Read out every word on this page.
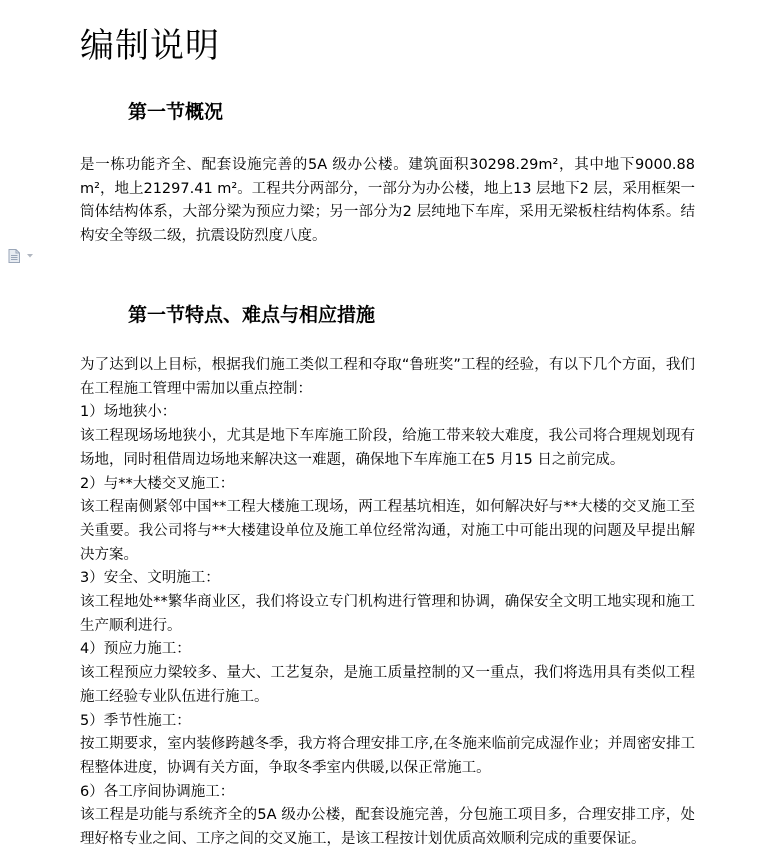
编制说明
第一节概况

是一栋功能齐全、配套设施完善的5A 级办公楼。建筑面积30298.29m²，其中地下9000.88 m²，地上21297.41 m²。工程共分两部分，一部分为办公楼，地上13 层地下2 层，采用框架一筒体结构体系，大部分梁为预应力梁；另一部分为2 层纯地下车库，采用无梁板柱结构体系。结构安全等级二级，抗震设防烈度八度。

第一节特点、难点与相应措施

为了达到以上目标，根据我们施工类似工程和夺取“鲁班奖”工程的经验，有以下几个方面，我们在工程施工管理中需加以重点控制：

1）场地狭小：

该工程现场场地狭小，尤其是地下车库施工阶段，给施工带来较大难度，我公司将合理规划现有场地，同时租借周边场地来解决这一难题，确保地下车库施工在5 月15 日之前完成。

2）与**大楼交叉施工：

该工程南侧紧邻中国**工程大楼施工现场，两工程基坑相连，如何解决好与**大楼的交叉施工至关重要。我公司将与**大楼建设单位及施工单位经常沟通，对施工中可能出现的问题及早提出解决方案。

3）安全、文明施工：

该工程地处**繁华商业区，我们将设立专门机构进行管理和协调，确保安全文明工地实现和施工生产顺利进行。

4）预应力施工：

该工程预应力梁较多、量大、工艺复杂，是施工质量控制的又一重点，我们将选用具有类似工程施工经验专业队伍进行施工。

5）季节性施工：

按工期要求，室内装修跨越冬季，我方将合理安排工序,在冬施来临前完成湿作业；并周密安排工程整体进度，协调有关方面，争取冬季室内供暖,以保正常施工。

6）各工序间协调施工：

该工程是功能与系统齐全的5A 级办公楼，配套设施完善，分包施工项目多，合理安排工序，处理好格专业之间、工序之间的交叉施工，是该工程按计划优质高效顺利完成的重要保证。
